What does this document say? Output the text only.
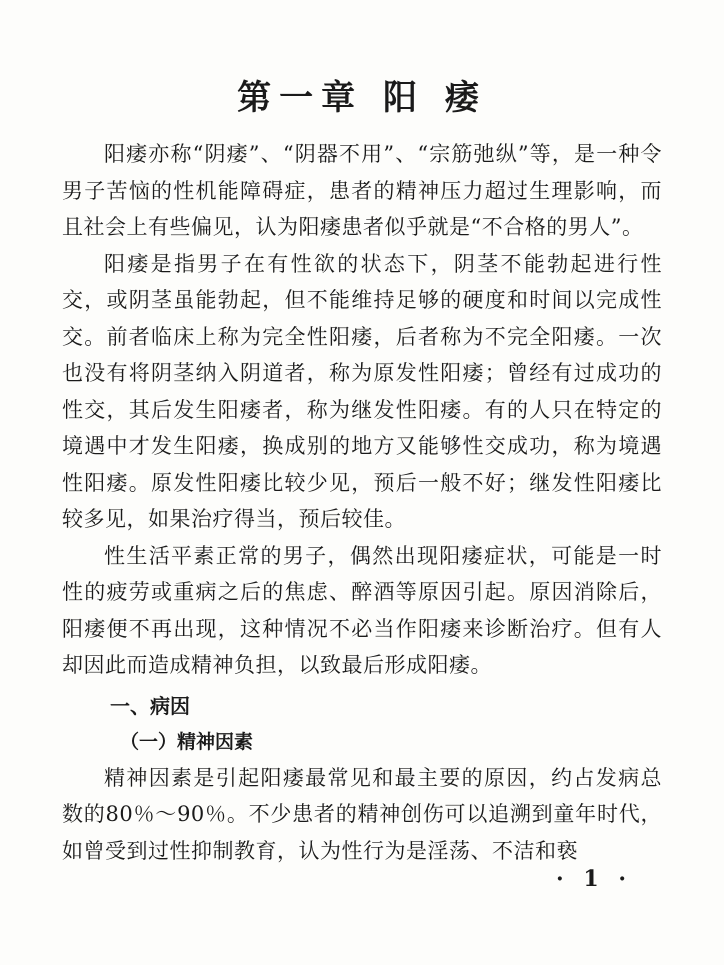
第一章 阳 痿

阳痿亦称“阴痿”、“阴器不用”、“宗筋弛纵”等，是一种令男子苦恼的性机能障碍症，患者的精神压力超过生理影响，而且社会上有些偏见，认为阳痿患者似乎就是“不合格的男人”。

阳痿是指男子在有性欲的状态下，阴茎不能勃起进行性交，或阴茎虽能勃起，但不能维持足够的硬度和时间以完成性交。前者临床上称为完全性阳痿，后者称为不完全阳痿。一次也没有将阴茎纳入阴道者，称为原发性阳痿；曾经有过成功的性交，其后发生阳痿者，称为继发性阳痿。有的人只在特定的境遇中才发生阳痿，换成别的地方又能够性交成功，称为境遇性阳痿。原发性阳痿比较少见，预后一般不好；继发性阳痿比较多见，如果治疗得当，预后较佳。

性生活平素正常的男子，偶然出现阳痿症状，可能是一时性的疲劳或重病之后的焦虑、醉酒等原因引起。原因消除后，阳痿便不再出现，这种情况不必当作阳痿来诊断治疗。但有人却因此而造成精神负担，以致最后形成阳痿。

一、病因

（一）精神因素

精神因素是引起阳痿最常见和最主要的原因，约占发病总数的80％～90％。不少患者的精神创伤可以追溯到童年时代，如曾受到过性抑制教育，认为性行为是淫荡、不洁和亵

· 1 ·
